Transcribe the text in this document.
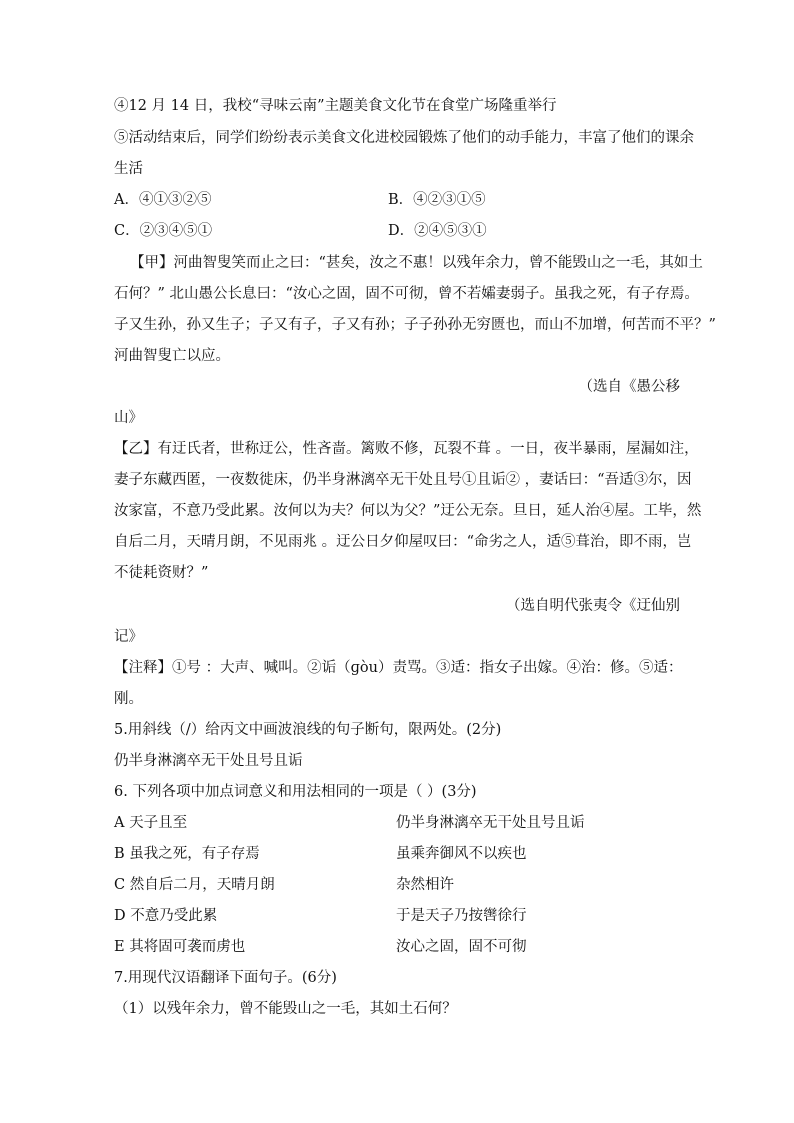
④12 月 14 日，我校“寻味云南”主题美食文化节在食堂广场隆重举行
⑤活动结束后，同学们纷纷表示美食文化进校园锻炼了他们的动手能力，丰富了他们的课余
生活
A．④①③②⑤	B．④②③①⑤
C．②③④⑤①	D．②④⑤③①
【甲】河曲智叟笑而止之曰：“甚矣，汝之不惠！以残年余力，曾不能毁山之一毛，其如土
石何？” 北山愚公长息曰：“汝心之固，固不可彻，曾不若孀妻弱子。虽我之死，有子存焉。
子又生孙，孙又生子；子又有子，子又有孙；子子孙孙无穷匮也，而山不加增，何苦而不平？”
河曲智叟亡以应。
（选自《愚公移
山》
【乙】有迂氏者，世称迂公，性吝啬。篱败不修，瓦裂不葺 。一日，夜半暴雨，屋漏如注，
妻子东藏西匿，一夜数徙床，仍半身淋漓卒无干处且号①且诟② ，妻话曰：“吾适③尔，因
汝家富，不意乃受此累。汝何以为夫？何以为父？”迂公无奈。旦日，延人治④屋。工毕，然
自后二月，天晴月朗，不见雨兆 。迂公日夕仰屋叹曰：“命劣之人，适⑤葺治，即不雨，岂
不徒耗资财？”
（选自明代张夷令《迂仙别
记》
【注释】①号 ：大声、喊叫。②诟（ɡòu）责骂。③适：指女子出嫁。④治：修。⑤适：
刚。
5.用斜线（/）给丙文中画波浪线的句子断句，限两处。(2分)
仍半身淋漓卒无干处且号且诟
6. 下列各项中加点词意义和用法相同的一项是（ ）(3分)
A 天子且至	仍半身淋漓卒无干处且号且诟
B 虽我之死，有子存焉	虽乘奔御风不以疾也
C 然自后二月，天晴月朗	杂然相许
D 不意乃受此累	于是天子乃按辔徐行
E 其将固可袭而虏也	汝心之固，固不可彻
7.用现代汉语翻译下面句子。(6分)
（1）以残年余力，曾不能毁山之一毛，其如土石何？
